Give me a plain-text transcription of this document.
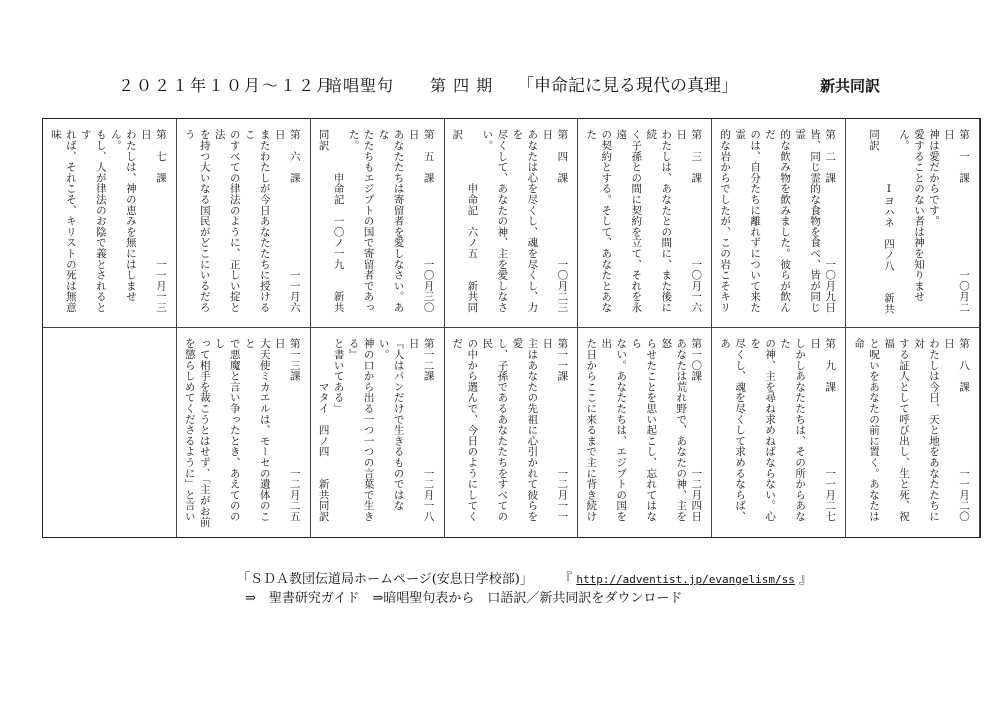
２０２１年１０月～１２月
暗唱聖句 第 四 期 「申命記に見る現代の真理」	新共同訳
第　一　課　　　　　　　　一〇月二日
神は愛だからです。
愛することのない者は神を知りません。
　　　　　Ⅰヨハネ　四ノ八　　新共同訳
第　二　課　　　　　　　一〇月九日
皆、同じ霊的な食物を食べ、皆が同じ霊
的な飲み物を飲みました。彼らが飲んだ
のは、自分たちに離れずについて来た霊
的な岩からでしたが、この岩こそキリ

第　三　課　　　　　　　一〇月一六日
わたしは、あなたとの間に、また後に続
く子孫との間に契約を立て、それを永遠
の契約とする。そして、あなたとあなた

第　四　課　　　　　　　一〇月二三日
あなたは心を尽くし、魂を尽くし、力を
尽くして、あなたの神、主を愛しなさい。
　　　　　申命記　六ノ五　　新共同訳
第　五　課　　　　　　　一〇月三〇日
あなたたちは寄留者を愛しなさい。あな
たたちもエジプトの国で寄留者であった。
　　　　申命記　一〇ノ一九　　新共同訳
第　六　課　　　　　　　　一一月六日
またわたしが今日あなたたちに授けるこ
のすべての律法のように、正しい掟と法
を持つ大いなる国民がどこにいるだろう

第　七　課　　　　　　　一一月一三日
わたしは、神の恵みを無にはしません。
もし、人が律法のお陰で義とされるとす
れば、それこそ、キリストの死は無意味

第　八　課　　　　　　　一一月二〇日
わたしは今日、天と地をあなたたちに対
する証人として呼び出し、生と死、祝福
と呪いをあなたの前に置く。あなたは命

第　九　課　　　　　　　一一月二七日
しかしあなたたちは、その所からあなた
の神、主を尋ね求めねばならない。心を
尽くし、魂を尽くして求めるならば、あ

第一〇課　　　　　　　　一二月四日
あなたは荒れ野で、あなたの神、主を怒
らせたことを思い起こし、忘れてはなら
ない。あなたたちは、エジプトの国を出
た日からここに来るまで主に背き続け

第一一課　　　　　　　　一二月一一日
主はあなたの先祖に心引かれて彼らを愛
し、子孫であるあなたたちをすべての民
の中から選んで、今日のようにしてくだ

第一二課　　　　　　　　一二月一八日
『人はパンだけで生きるものではない。
神の口から出る一つ一つの言葉で生きる』
と書いてある」
　　　　マタイ　四ノ四　　新共同訳
第一三課　　　　　　　　一二月二五日
大天使ミカエルは、モーセの遺体のこと
で悪魔と言い争ったとき、あえてののし
って相手を裁こうとはせず、「主がお前
を懲らしめてくださるように」と言い

「ＳＤＡ教団伝道局ホームページ(安息日学校部)」 『 http://adventist.jp/evangelism/ss 』
⇒　聖書研究ガイド　⇒暗唱聖句表から　口語訳／新共同訳をダウンロード
